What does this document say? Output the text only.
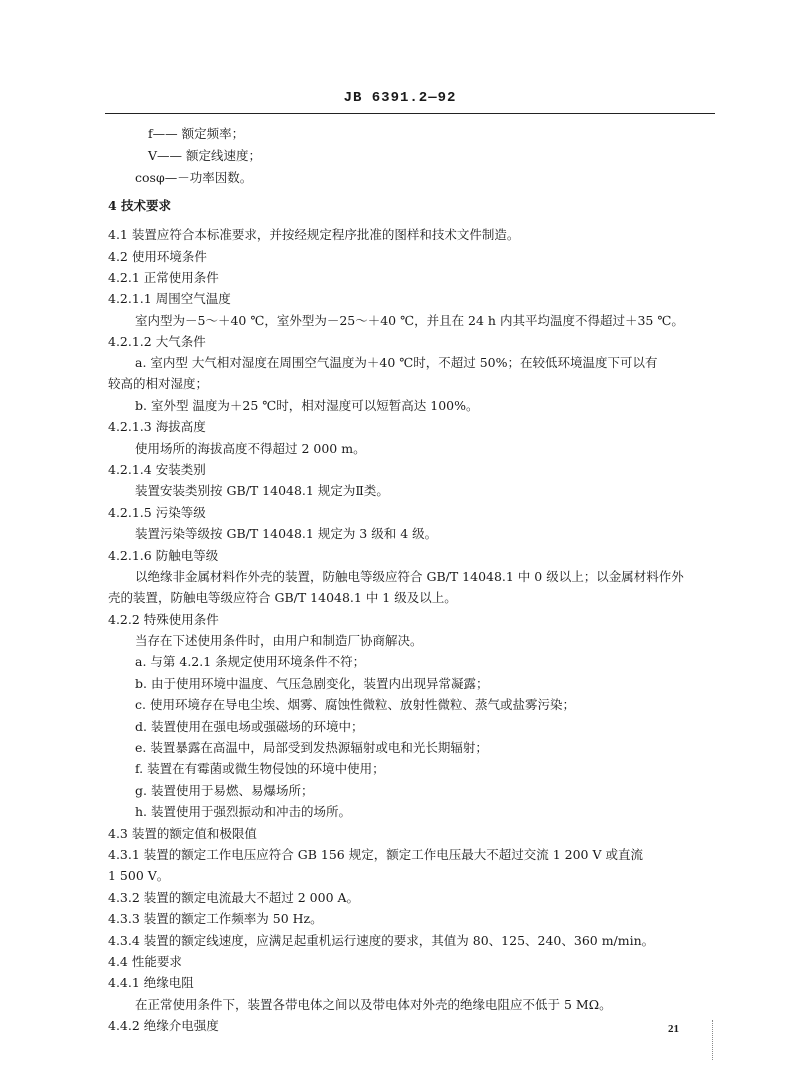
JB 6391.2—92
f—— 额定频率；
V—— 额定线速度；
cosφ—－功率因数。
4 技术要求
4.1 装置应符合本标准要求，并按经规定程序批准的图样和技术文件制造。
4.2 使用环境条件
4.2.1 正常使用条件
4.2.1.1 周围空气温度
室内型为－5～＋40 ℃，室外型为－25～＋40 ℃，并且在 24 h 内其平均温度不得超过＋35 ℃。
4.2.1.2 大气条件
a. 室内型 大气相对湿度在周围空气温度为＋40 ℃时，不超过 50%；在较低环境温度下可以有
较高的相对湿度；
b. 室外型 温度为＋25 ℃时，相对湿度可以短暂高达 100%。
4.2.1.3 海拔高度
使用场所的海拔高度不得超过 2 000 m。
4.2.1.4 安装类别
装置安装类别按 GB/T 14048.1 规定为Ⅱ类。
4.2.1.5 污染等级
装置污染等级按 GB/T 14048.1 规定为 3 级和 4 级。
4.2.1.6 防触电等级
以绝缘非金属材料作外壳的装置，防触电等级应符合 GB/T 14048.1 中 0 级以上；以金属材料作外
壳的装置，防触电等级应符合 GB/T 14048.1 中 1 级及以上。
4.2.2 特殊使用条件
当存在下述使用条件时，由用户和制造厂协商解决。
a. 与第 4.2.1 条规定使用环境条件不符；
b. 由于使用环境中温度、气压急剧变化，装置内出现异常凝露；
c. 使用环境存在导电尘埃、烟雾、腐蚀性微粒、放射性微粒、蒸气或盐雾污染；
d. 装置使用在强电场或强磁场的环境中；
e. 装置暴露在高温中，局部受到发热源辐射或电和光长期辐射；
f. 装置在有霉菌或微生物侵蚀的环境中使用；
g. 装置使用于易燃、易爆场所；
h. 装置使用于强烈振动和冲击的场所。
4.3 装置的额定值和极限值
4.3.1 装置的额定工作电压应符合 GB 156 规定，额定工作电压最大不超过交流 1 200 V 或直流
1 500 V。
4.3.2 装置的额定电流最大不超过 2 000 A。
4.3.3 装置的额定工作频率为 50 Hz。
4.3.4 装置的额定线速度，应满足起重机运行速度的要求，其值为 80、125、240、360 m/min。
4.4 性能要求
4.4.1 绝缘电阻
在正常使用条件下，装置各带电体之间以及带电体对外壳的绝缘电阻应不低于 5 MΩ。
4.4.2 绝缘介电强度	21
